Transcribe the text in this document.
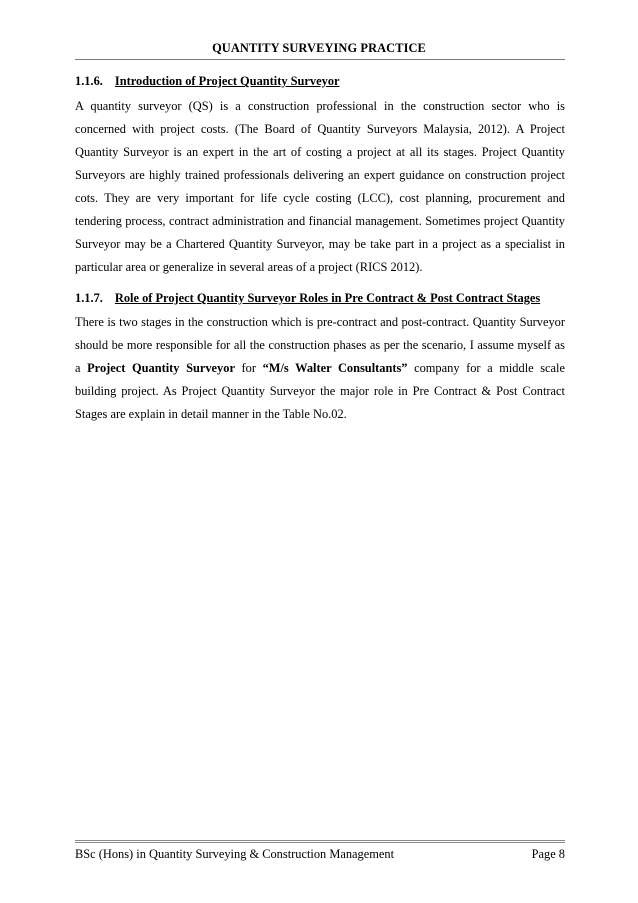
QUANTITY SURVEYING PRACTICE
1.1.6. Introduction of Project Quantity Surveyor

A quantity surveyor (QS) is a construction professional in the construction sector who is concerned with project costs. (The Board of Quantity Surveyors Malaysia, 2012). A Project Quantity Surveyor is an expert in the art of costing a project at all its stages. Project Quantity Surveyors are highly trained professionals delivering an expert guidance on construction project cots. They are very important for life cycle costing (LCC), cost planning, procurement and tendering process, contract administration and financial management. Sometimes project Quantity Surveyor may be a Chartered Quantity Surveyor, may be take part in a project as a specialist in particular area or generalize in several areas of a project (RICS 2012).

1.1.7. Role of Project Quantity Surveyor Roles in Pre Contract & Post Contract Stages

There is two stages in the construction which is pre-contract and post-contract. Quantity Surveyor should be more responsible for all the construction phases as per the scenario, I assume myself as a Project Quantity Surveyor for “M/s Walter Consultants” company for a middle scale building project. As Project Quantity Surveyor the major role in Pre Contract & Post Contract Stages are explain in detail manner in the Table No.02.

BSc (Hons) in Quantity Surveying & Construction Management	Page 8
